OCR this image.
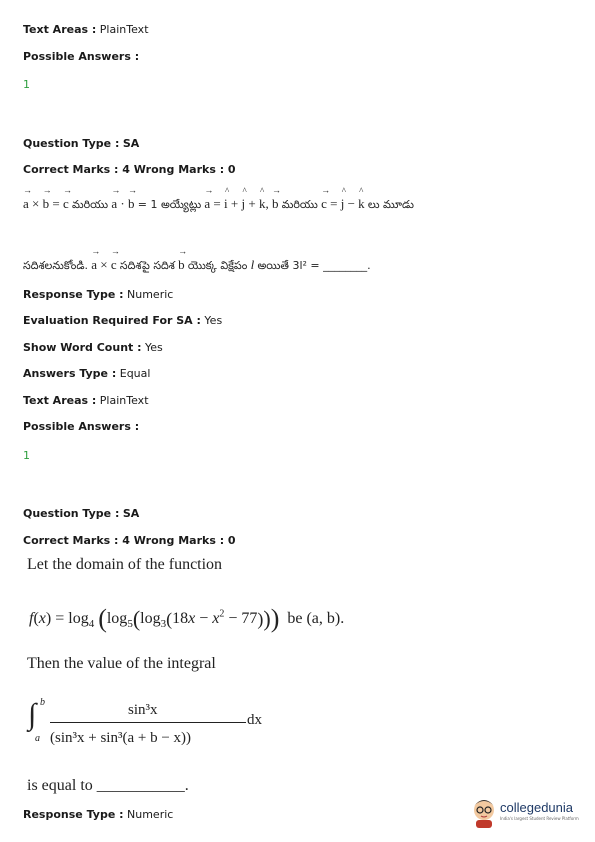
Text Areas : PlainText
Possible Answers :
1
Question Type : SA
Correct Marks : 4 Wrong Marks : 0
→ a × → b = → c మరియు → a · → b = 1 అయ్యేట్లు → a = ^ i + ^ j + ^ k, → b మరియు → c = ^ j − ^ k లు మూడు
సదిశలనుకోండి. → a × → c సదిశపై సదిశ → b యొక్క విక్షేపం l అయితే 3l² = ________.
Response Type : Numeric
Evaluation Required For SA : Yes
Show Word Count : Yes
Answers Type : Equal
Text Areas : PlainText
Possible Answers :
1
Question Type : SA
Correct Marks : 4 Wrong Marks : 0
Let the domain of the function
$f(x) = \log_4 (\log_5(\log_3(18x - x^2 - 77)))$ be (a, b).
Then the value of the integral
∫ b
a
sin³x
(sin³x + sin³(a + b − x))
dx
is equal to ___________.
Response Type : Numeric	collegedunia
India's largest Student Review Platform
